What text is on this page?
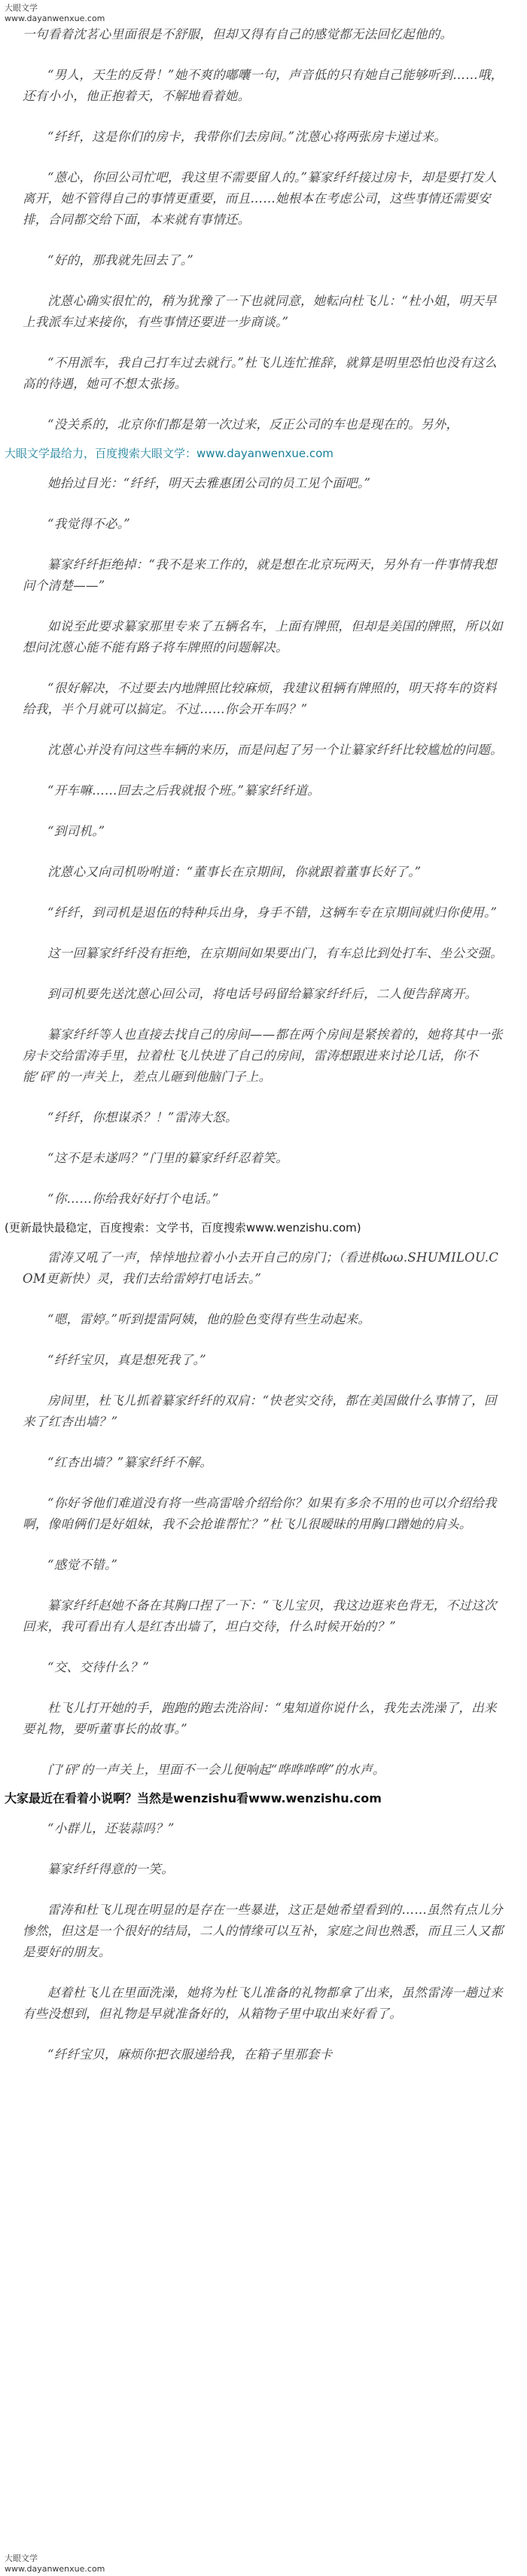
大眼文学
www.dayanwenxue.com

一句看着沈茗心里面很是不舒服，但却又得有自己的感觉都无法回忆起他的。

“男人，天生的反骨！”她不爽的嘟囔一句，声音低的只有她自己能够听到……哦，还有小小，他正抱着天，不解地看着她。

“纤纤，这是你们的房卡，我带你们去房间。”沈蒽心将两张房卡递过来。

“蒽心，你回公司忙吧，我这里不需要留人的。”纂家纤纤接过房卡，却是要打发人离开，她不管得自己的事情更重要，而且……她根本在考虑公司，这些事情还需要安排，合同都交给下面，本来就有事情还。

“好的，那我就先回去了。”

沈蒽心确实很忙的，稍为犹豫了一下也就同意，她転向杜飞儿：“杜小姐，明天早上我派车过来接你，有些事情还要进一步商谈。”

“不用派车，我自己打车过去就行。”杜飞儿连忙推辞，就算是明里恐怕也没有这么高的待遇，她可不想太张扬。

“没关系的，北京你们都是第一次过来，反正公司的车也是现在的。另外，

大眼文学最给力，百度搜索大眼文学：www.dayanwenxue.com

她抬过目光：“纤纤，明天去雅惠团公司的员工见个面吧。”

“我觉得不必。”

纂家纤纤拒绝掉：“我不是来工作的，就是想在北京玩两天，另外有一件事情我想问个清楚——”

如说至此要求纂家那里专来了五辆名车，上面有牌照，但却是美国的牌照，所以如想问沈蒽心能不能有路子将车牌照的问题解决。

“很好解决，不过要去内地牌照比较麻烦，我建议租辆有牌照的，明天将车的资料给我，半个月就可以搞定。不过……你会开车吗？”

沈蒽心并没有问这些车辆的来历，而是问起了另一个让纂家纤纤比较尴尬的问题。

“开车嘛……回去之后我就报个班。”纂家纤纤道。

“到司机。”

沈蒽心又向司机吩咐道：“董事长在京期间，你就跟着董事长好了。”

“纤纤，到司机是退伍的特种兵出身，身手不错，这辆车专在京期间就归你使用。”

这一回纂家纤纤没有拒绝，在京期间如果要出门，有车总比到处打车、坐公交强。

到司机要先送沈蒽心回公司，将电话号码留给纂家纤纤后，二人便告辞离开。

纂家纤纤等人也直接去找自己的房间——都在两个房间是紧挨着的，她将其中一张房卡交给雷涛手里，拉着杜飞儿快进了自己的房间，雷涛想跟进来讨论几话，你不能‘砰’的一声关上，差点儿砸到他脑门子上。

“纤纤，你想谋杀？！”雷涛大怒。

“这不是未遂吗？”门里的纂家纤纤忍着笑。

“你……你给我好好打个电话。”

(更新最快最稳定，百度搜索：文学书，百度搜索www.wenzishu.com)

雷涛又吼了一声，悻悻地拉着小小去开自己的房门；（看进棋ωω.SHUMILOU.COM更新快）灵，我们去给雷婷打电话去。”

“嗯，雷婷。”听到提雷阿姨，他的脸色变得有些生动起来。

“纤纤宝贝，真是想死我了。”

房间里，杜飞儿抓着纂家纤纤的双肩：“快老实交待，都在美国做什么事情了，回来了红杏出墙？”

“红杏出墙？”纂家纤纤不解。

“你好爷他们难道没有将一些高雷啥介绍给你？如果有多余不用的也可以介绍给我啊，像咱俩们是好姐妹，我不会抢谁帮忙？”杜飞儿很暧昧的用胸口蹭她的肩头。

“感觉不错。”

纂家纤纤赵她不备在其胸口捏了一下：“飞儿宝贝，我这边逛来色背无，不过这次回来，我可看出有人是红杏出墙了，坦白交待，什么时候开始的？”

“交、交待什么？”

杜飞儿打开她的手，跑跑的跑去洗浴间：“鬼知道你说什么，我先去洗澡了，出来要礼物，要听董事长的故事。”

门‘砰’的一声关上，里面不一会儿便响起“哗哗哗哗”的水声。

大家最近在看着小说啊？当然是wenzishu看www.wenzishu.com

“小群儿，还装蒜吗？”

纂家纤纤得意的一笑。

雷涛和杜飞儿现在明显的是存在一些暴进，这正是她希望看到的……虽然有点儿分惨然，但这是一个很好的结局，二人的情缘可以互补，家庭之间也熟悉，而且三人又都是要好的朋友。

赵着杜飞儿在里面洗澡，她将为杜飞儿准备的礼物都拿了出来，虽然雷涛一趟过来有些没想到，但礼物是早就准备好的，从箱物子里中取出来好看了。

“纤纤宝贝，麻烦你把衣服递给我，在箱子里那套卡

大眼文学
www.dayanwenxue.com
